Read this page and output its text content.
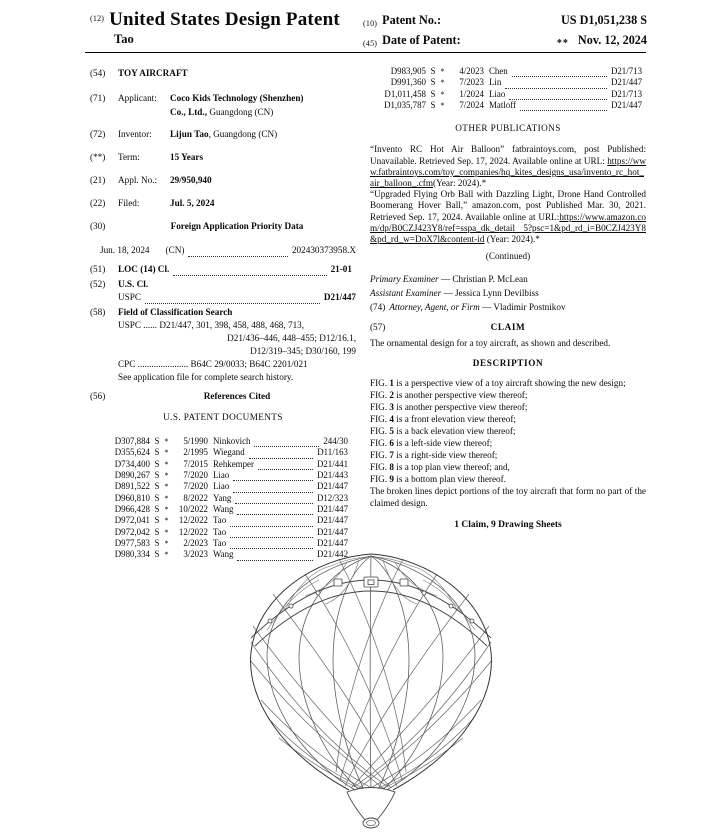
(12) United States Design Patent
Tao
(10) Patent No.:	US D1,051,238 S
(45) Date of Patent:	** Nov. 12, 2024
(54)	TOY AIRCRAFT
(71)	Applicant:	Coco Kids Technology (Shenzhen)
Co., Ltd., Guangdong (CN)
(72)	Inventor:	Lijun Tao, Guangdong (CN)
(**)	Term:	15 Years
(21)	Appl. No.:	29/950,940
(22)	Filed:	Jul. 5, 2024
(30)	Foreign Application Priority Data
Jun. 18, 2024 (CN)	202430373958.X
(51)	LOC (14) Cl.	21-01
(52)	U.S. Cl.
USPC	D21/447
(58)	Field of Classification Search
USPC ...... D21/447, 301, 398, 458, 488, 468, 713,
D21/436–446, 448–455; D12/16.1,
D12/319–345; D30/160, 199
CPC ...................... B64C 29/0033; B64C 2201/021
See application file for complete search history.
(56)	References Cited
U.S. PATENT DOCUMENTS
D307,884 S *	5/1990 Ninkovich	244/30
D355,624 S *	2/1995 Wiegand	D11/163
D734,400 S *	7/2015 Rehkemper	D21/441
D890,267 S *	7/2020 Liao	D21/443
D891,522 S *	7/2020 Liao	D21/447
D960,810 S *	8/2022 Yang	D12/323
D966,428 S *	10/2022 Wang	D21/447
D972,041 S *	12/2022 Tao	D21/447
D972,042 S *	12/2022 Tao	D21/447
D977,583 S *	2/2023 Tao	D21/447
D980,334 S *	3/2023 Wang	D21/442
D983,905 S *	4/2023 Chen	D21/713
D991,360 S *	7/2023 Lin	D21/447
D1,011,458 S *	1/2024 Liao	D21/713
D1,035,787 S *	7/2024 Matloff	D21/447
OTHER PUBLICATIONS
“Invento RC Hot Air Balloon” fatbraintoys.com, post Published: Unavailable. Retrieved Sep. 17, 2024. Available online at URL: https://www.fatbraintoys.com/toy_companies/hq_kites_designs_usa/invento_rc_hot_air_balloon_.cfm(Year: 2024).*
“Upgraded Flying Orb Ball with Dazzling Light, Drone Hand Controlled Boomerang Hover Ball,” amazon.com, post Published Mar. 30, 2021. Retrieved Sep. 17, 2024. Available online at URL:https://www.amazon.com/dp/B0CZJ423Y8/ref=sspa_dk_detail 5?psc=1&pd_rd_i=B0CZJ423Y8&pd_rd_w=DoX7l&content-id (Year: 2024).*
(Continued)
Primary Examiner — Christian P. McLean
Assistant Examiner — Jessica Lynn Devilbiss
(74) Attorney, Agent, or Firm — Vladimir Postnikov
(57)	CLAIM
The ornamental design for a toy aircraft, as shown and described.
DESCRIPTION
FIG. 1 is a perspective view of a toy aircraft showing the new design;
FIG. 2 is another perspective view thereof;
FIG. 3 is another perspective view thereof;
FIG. 4 is a front elevation view thereof;
FIG. 5 is a back elevation view thereof;
FIG. 6 is a left-side view thereof;
FIG. 7 is a right-side view thereof;
FIG. 8 is a top plan view thereof; and,
FIG. 9 is a bottom plan view thereof.
The broken lines depict portions of the toy aircraft that form no part of the claimed design.
1 Claim, 9 Drawing Sheets
